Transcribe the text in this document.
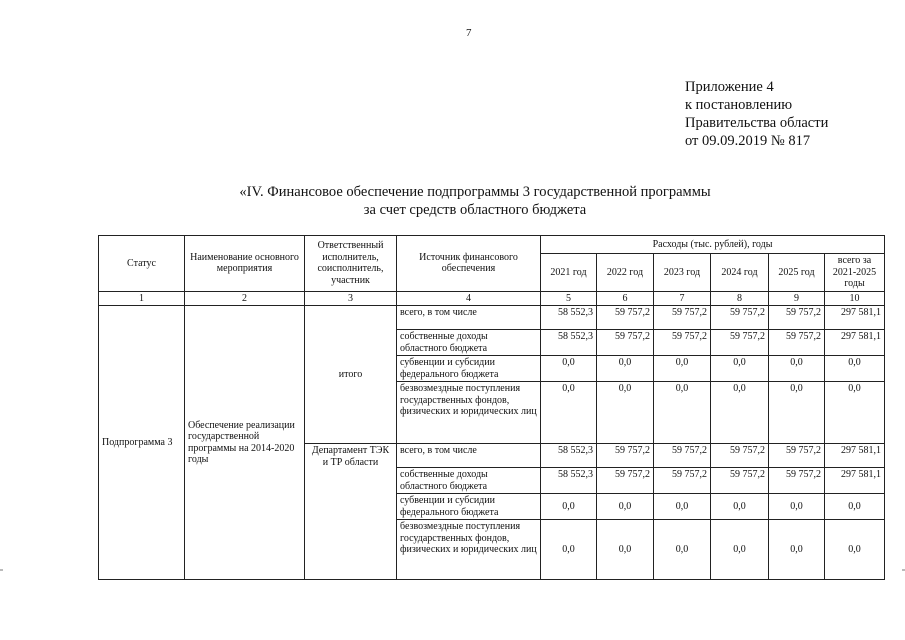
7
Приложение 4
к постановлению
Правительства области
от 09.09.2019 № 817
«IV. Финансовое обеспечение подпрограммы 3 государственной программы
за счет средств областного бюджета
Статус	Наименование основного мероприятия	Ответственный исполнитель, соисполнитель, участник	Источник финансового обеспечения	Расходы (тыс. рублей), годы					
				2021 год	2022 год	2023 год	2024 год	2025 год	всего за 2021-2025 годы
1	2	3	4	5	6	7	8	9	10
Подпрограмма 3	Обеспечение реализации государственной программы на 2014-2020 годы	итого	всего, в том числе	58 552,3	59 757,2	59 757,2	59 757,2	59 757,2	297 581,1
			собственные доходы областного бюджета	58 552,3	59 757,2	59 757,2	59 757,2	59 757,2	297 581,1
			субвенции и субсидии федерального бюджета	0,0	0,0	0,0	0,0	0,0	0,0
			безвозмездные поступления государственных фондов, физических и юридических лиц	0,0	0,0	0,0	0,0	0,0	0,0
		Департамент ТЭК и ТР области	всего, в том числе	58 552,3	59 757,2	59 757,2	59 757,2	59 757,2	297 581,1
			собственные доходы областного бюджета	58 552,3	59 757,2	59 757,2	59 757,2	59 757,2	297 581,1
			субвенции и субсидии федерального бюджета	0,0	0,0	0,0	0,0	0,0	0,0
			безвозмездные поступления государственных фондов, физических и юридических лиц	0,0	0,0	0,0	0,0	0,0	0,0
